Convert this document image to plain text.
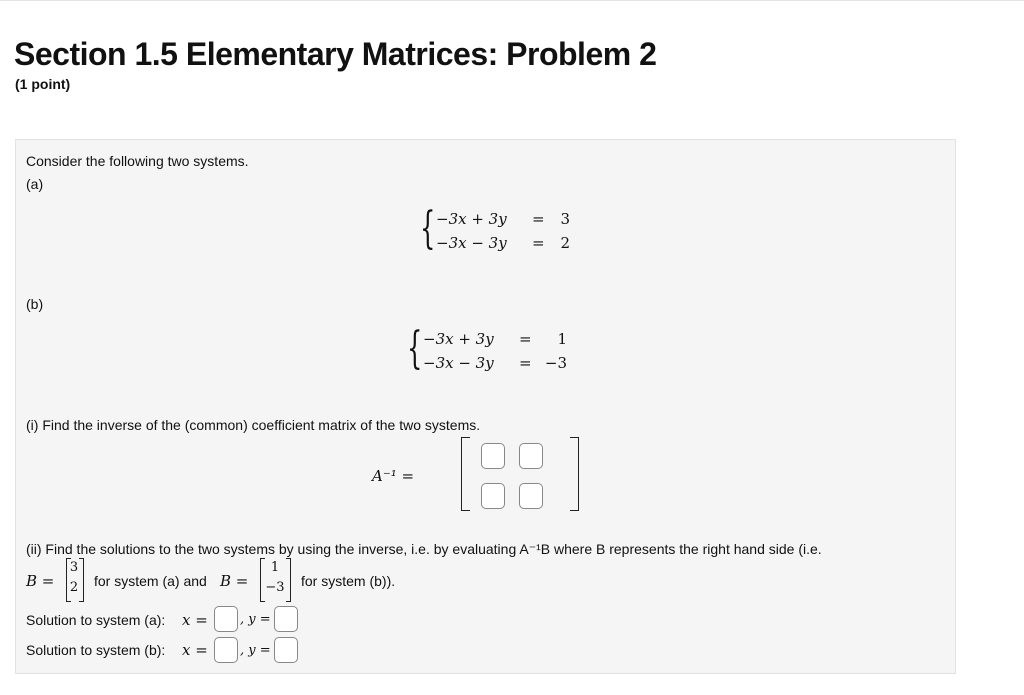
Section 1.5 Elementary Matrices: Problem 2
(1 point)
Consider the following two systems.
(a)
{ −3x + 3y =	3
−3x − 3y =	2
(b)
{ −3x + 3y =	1
−3x − 3y = −3
(i) Find the inverse of the (common) coefficient matrix of the two systems.
A⁻¹ =
(ii) Find the solutions to the two systems by using the inverse, i.e. by evaluating A⁻¹B where B represents the right hand side (i.e.
B =
3
2 for system (a) and B =
1
−3 for system (b)).
Solution to system (a): x = , y =
Solution to system (b): x = , y =
